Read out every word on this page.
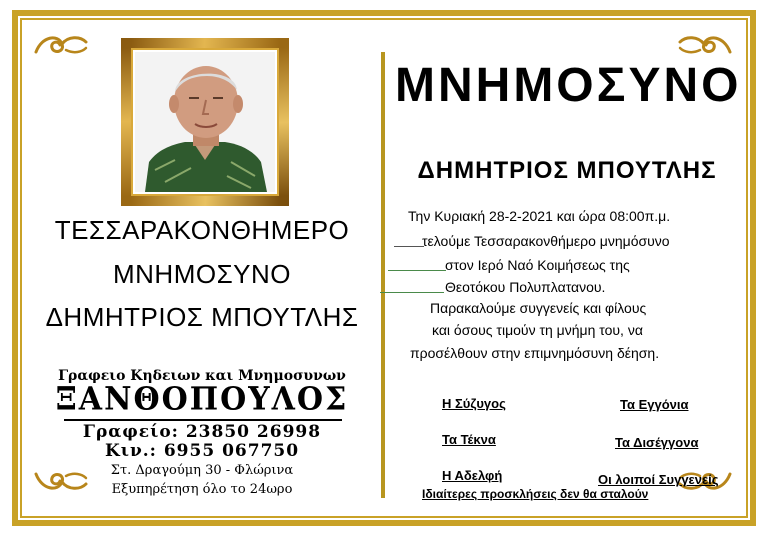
ΤΕΣΣΑΡΑΚΟΝΘΗΜΕΡΟ
ΜΝΗΜΟΣΥΝΟ
ΔΗΜΗΤΡΙΟΣ ΜΠΟΥΤΛΗΣ
Γραφειο Κηδειων και Μνημοσυνων
ΞΑΝΘΟΠΟΥΛΟΣ
Γραφείο: 23850 26998
Κιν.: 6955 067750
Στ. Δραγούμη 30 - Φλώρινα
Εξυπηρέτηση όλο το 24ωρο
ΜΝΗΜΟΣΥΝΟ
ΔΗΜΗΤΡΙΟΣ ΜΠΟΥΤΛΗΣ
Την Κυριακή 28-2-2021 και ώρα 08:00π.μ.
τελούμε Τεσσαρακονθήμερο μνημόσυνο
στον Ιερό Ναό Κοιμήσεως της
Θεοτόκου Πολυπλατανου.
Παρακαλούμε συγγενείς και φίλους
και όσους τιμούν τη μνήμη του, να
προσέλθουν στην επιμνημόσυνη δέηση.
Η Σύζυγος	Τα Εγγόνια
Τα Τέκνα	Τα Δισέγγονα
Η Αδελφή	Οι λοιποί Συγγενείς
Ιδιαίτερες προσκλήσεις δεν θα σταλούν
